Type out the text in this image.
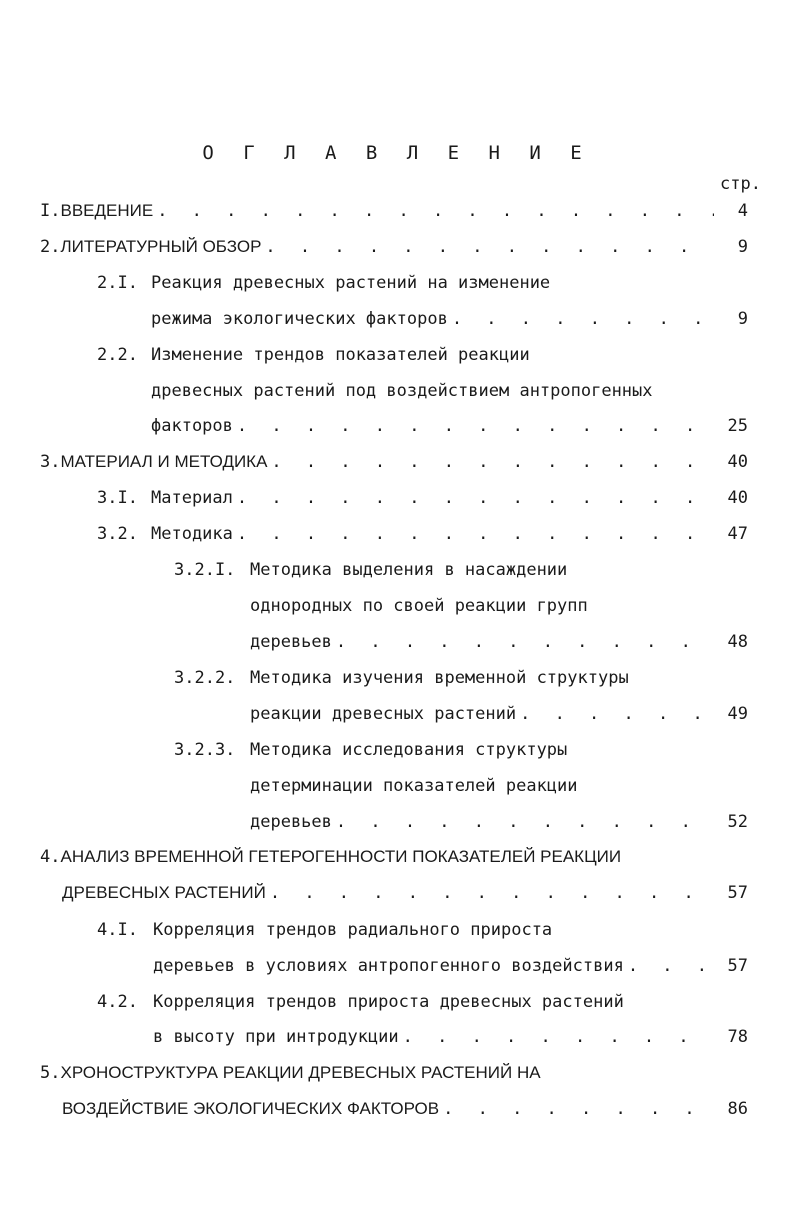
О Г Л А В Л Е Н И Е
стр.
I. ВВЕДЕНИЕ . . .	4
2. ЛИТЕРАТУРНЫЙ ОБЗОР . . .	9
2.I. Реакция древесных растений на изменение
режима экологических факторов . . .	9
2.2. Изменение трендов показателей реакции
древесных растений под воздействием антропогенных
факторов . . .	25
3. МАТЕРИАЛ И МЕТОДИКА . . .	40
3.I. Материал . . .	40
3.2. Методика . . .	47
3.2.I. Методика выделения в насаждении
однородных по своей реакции групп
деревьев . . .	48
3.2.2. Методика изучения временной структуры
реакции древесных растений . . .	49
3.2.3. Методика исследования структуры
детерминации показателей реакции
деревьев . . .	52
4. АНАЛИЗ ВРЕМЕННОЙ ГЕТЕРОГЕННОСТИ ПОКАЗАТЕЛЕЙ РЕАКЦИИ
ДРЕВЕСНЫХ РАСТЕНИЙ . . .	57
4.I. Корреляция трендов радиального прироста
деревьев в условиях антропогенного воздействия . . .	57
4.2. Корреляция трендов прироста древесных растений
в высоту при интродукции . . .	78
5. ХРОНОСТРУКТУРА РЕАКЦИИ ДРЕВЕСНЫХ РАСТЕНИЙ НА
ВОЗДЕЙСТВИЕ ЭКОЛОГИЧЕСКИХ ФАКТОРОВ . . .	86
